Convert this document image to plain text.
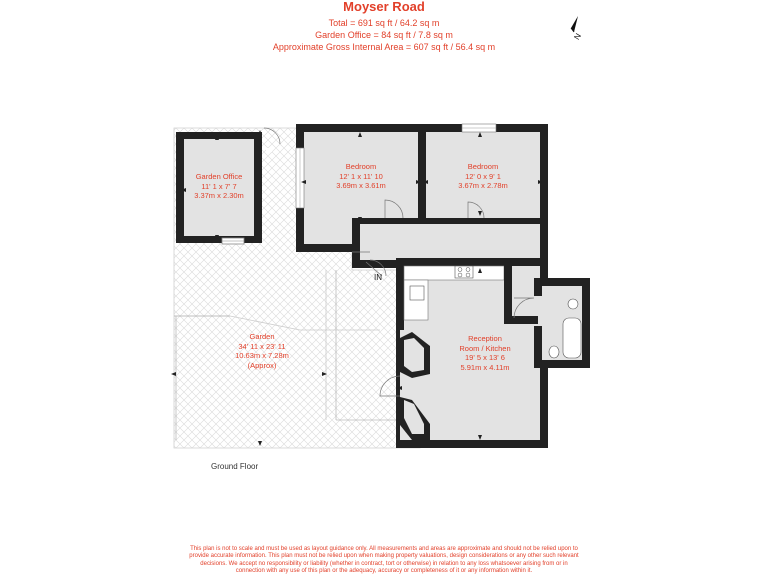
Moyser Road
Total = 691 sq ft / 64.2 sq m
Garden Office = 84 sq ft / 7.8 sq m
Approximate Gross Internal Area = 607 sq ft / 56.4 sq m
N
Garden Office
11' 1 x 7' 7
3.37m x 2.30m
Bedroom
12' 1 x 11' 10
3.69m x 3.61m
Bedroom
12' 0 x 9' 1
3.67m x 2.78m
Reception
Room / Kitchen
19' 5 x 13' 6
5.91m x 4.11m
Garden
34' 11 x 23' 11
10.63m x 7.28m
(Approx)
IN
Ground Floor
This plan is not to scale and must be used as layout guidance only. All measurements and areas are approximate and should not be relied upon to
provide accurate information. This plan must not be relied upon when making property valuations, design considerations or any other such relevant
decisions. We accept no responsibility or liability (whether in contract, tort or otherwise) in relation to any loss whatsoever arising from or in
connection with any use of this plan or the adequacy, accuracy or completeness of it or any information within it.
